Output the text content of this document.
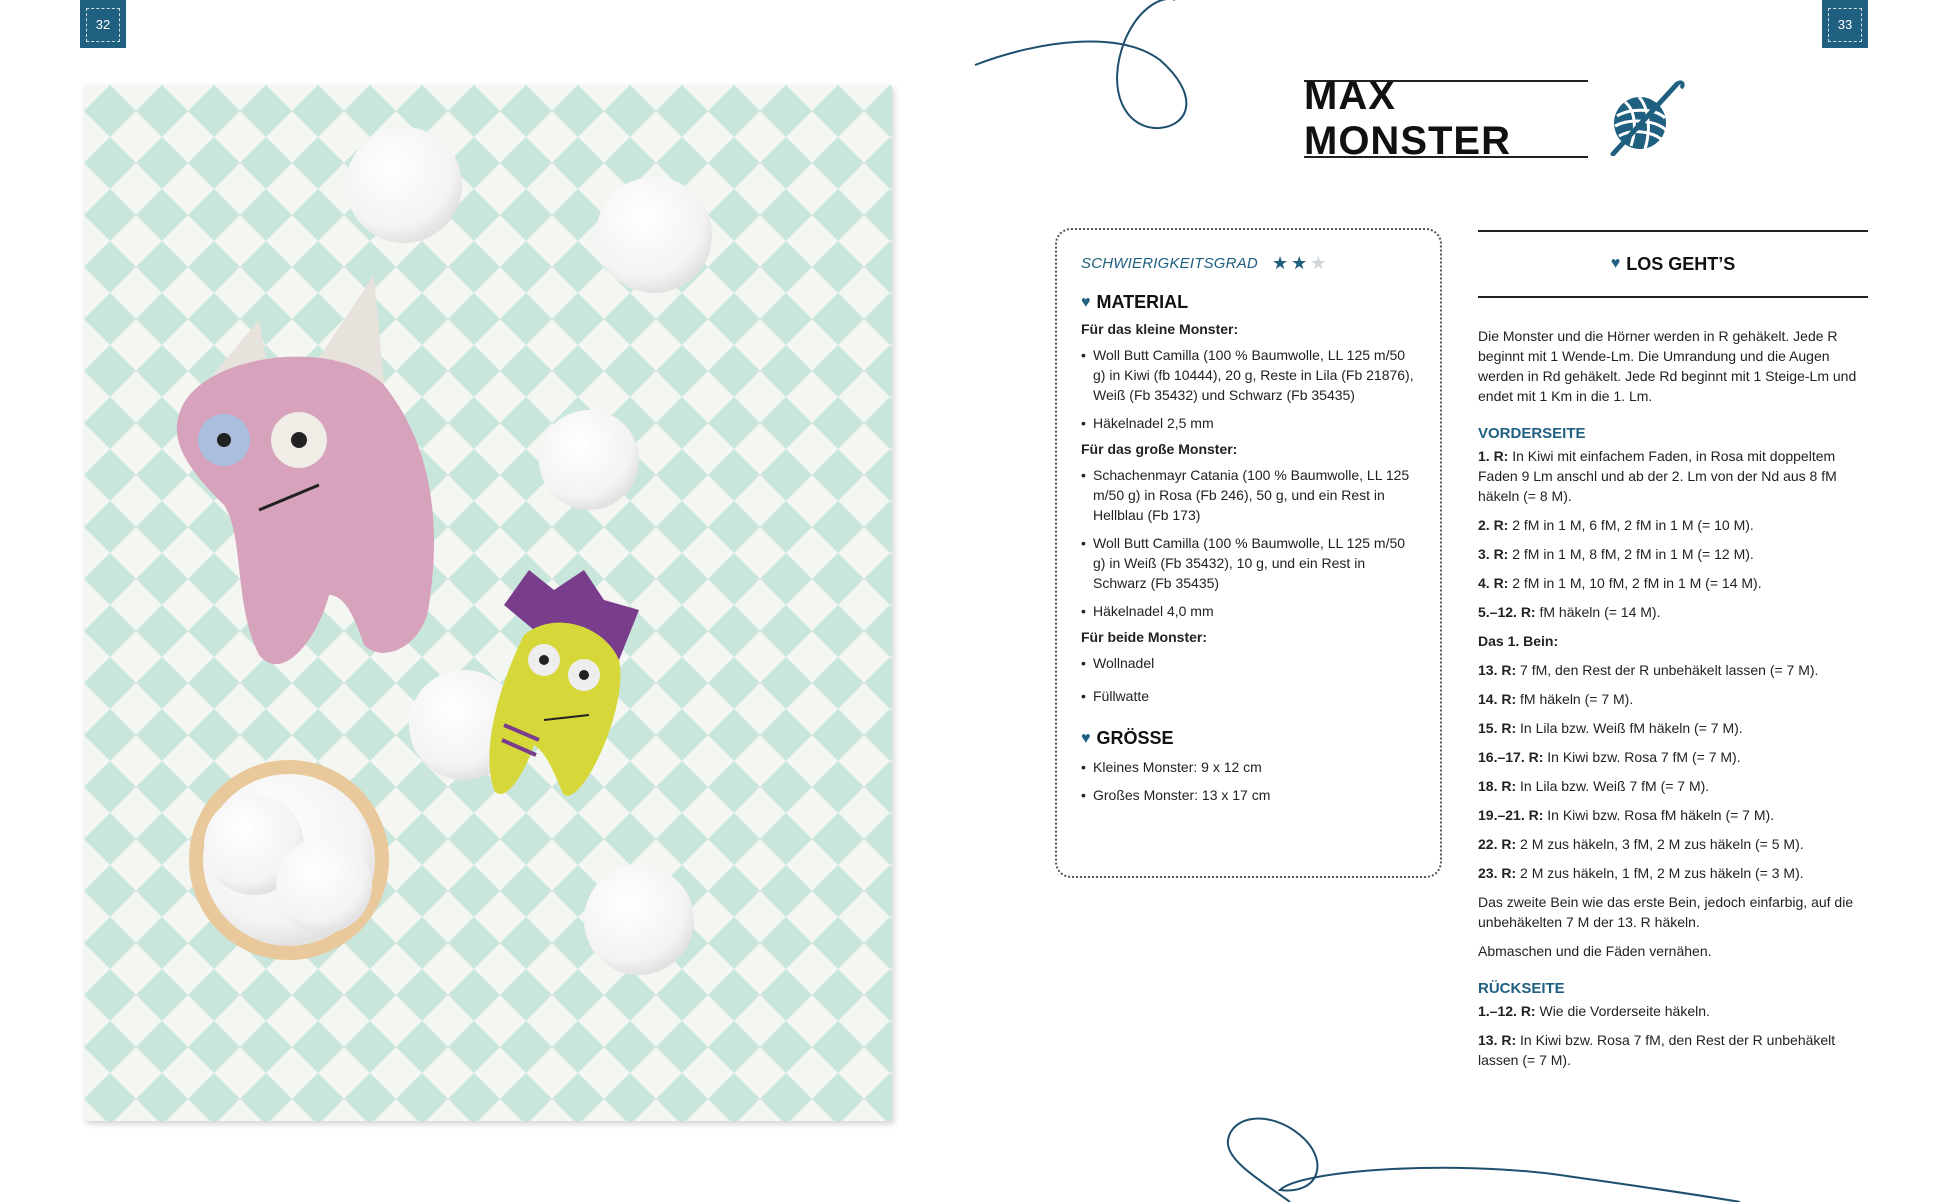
32	33
MAX MONSTER
SCHWIERIGKEITSGRAD ★ ★ ★
♥ MATERIAL
Für das kleine Monster:
• Woll Butt Camilla (100 % Baumwolle, LL 125 m/50 g) in Kiwi (fb 10444), 20 g, Reste in Lila (Fb 21876), Weiß (Fb 35432) und Schwarz (Fb 35435)
• Häkelnadel 2,5 mm
Für das große Monster:
• Schachenmayr Catania (100 % Baumwolle, LL 125 m/50 g) in Rosa (Fb 246), 50 g, und ein Rest in Hellblau (Fb 173)
• Woll Butt Camilla (100 % Baumwolle, LL 125 m/50 g) in Weiß (Fb 35432), 10 g, und ein Rest in Schwarz (Fb 35435)
• Häkelnadel 4,0 mm
Für beide Monster:
• Wollnadel
• Füllwatte
♥ GRÖSSE
• Kleines Monster: 9 x 12 cm
• Großes Monster: 13 x 17 cm
♥ LOS GEHT’S

Die Monster und die Hörner werden in R gehäkelt. Jede R beginnt mit 1 Wende-Lm. Die Umrandung und die Augen werden in Rd gehäkelt. Jede Rd beginnt mit 1 Steige-Lm und endet mit 1 Km in die 1. Lm.

VORDERSEITE

1. R: In Kiwi mit einfachem Faden, in Rosa mit doppeltem Faden 9 Lm anschl und ab der 2. Lm von der Nd aus 8 fM häkeln (= 8 M).

2. R: 2 fM in 1 M, 6 fM, 2 fM in 1 M (= 10 M).

3. R: 2 fM in 1 M, 8 fM, 2 fM in 1 M (= 12 M).

4. R: 2 fM in 1 M, 10 fM, 2 fM in 1 M (= 14 M).

5.–12. R: fM häkeln (= 14 M).

Das 1. Bein:

13. R: 7 fM, den Rest der R unbehäkelt lassen (= 7 M).

14. R: fM häkeln (= 7 M).

15. R: In Lila bzw. Weiß fM häkeln (= 7 M).

16.–17. R: In Kiwi bzw. Rosa 7 fM (= 7 M).

18. R: In Lila bzw. Weiß 7 fM (= 7 M).

19.–21. R: In Kiwi bzw. Rosa fM häkeln (= 7 M).

22. R: 2 M zus häkeln, 3 fM, 2 M zus häkeln (= 5 M).

23. R: 2 M zus häkeln, 1 fM, 2 M zus häkeln (= 3 M).

Das zweite Bein wie das erste Bein, jedoch einfarbig, auf die unbehäkelten 7 M der 13. R häkeln.

Abmaschen und die Fäden vernähen.

RÜCKSEITE

1.–12. R: Wie die Vorderseite häkeln.

13. R: In Kiwi bzw. Rosa 7 fM, den Rest der R unbehäkelt lassen (= 7 M).
